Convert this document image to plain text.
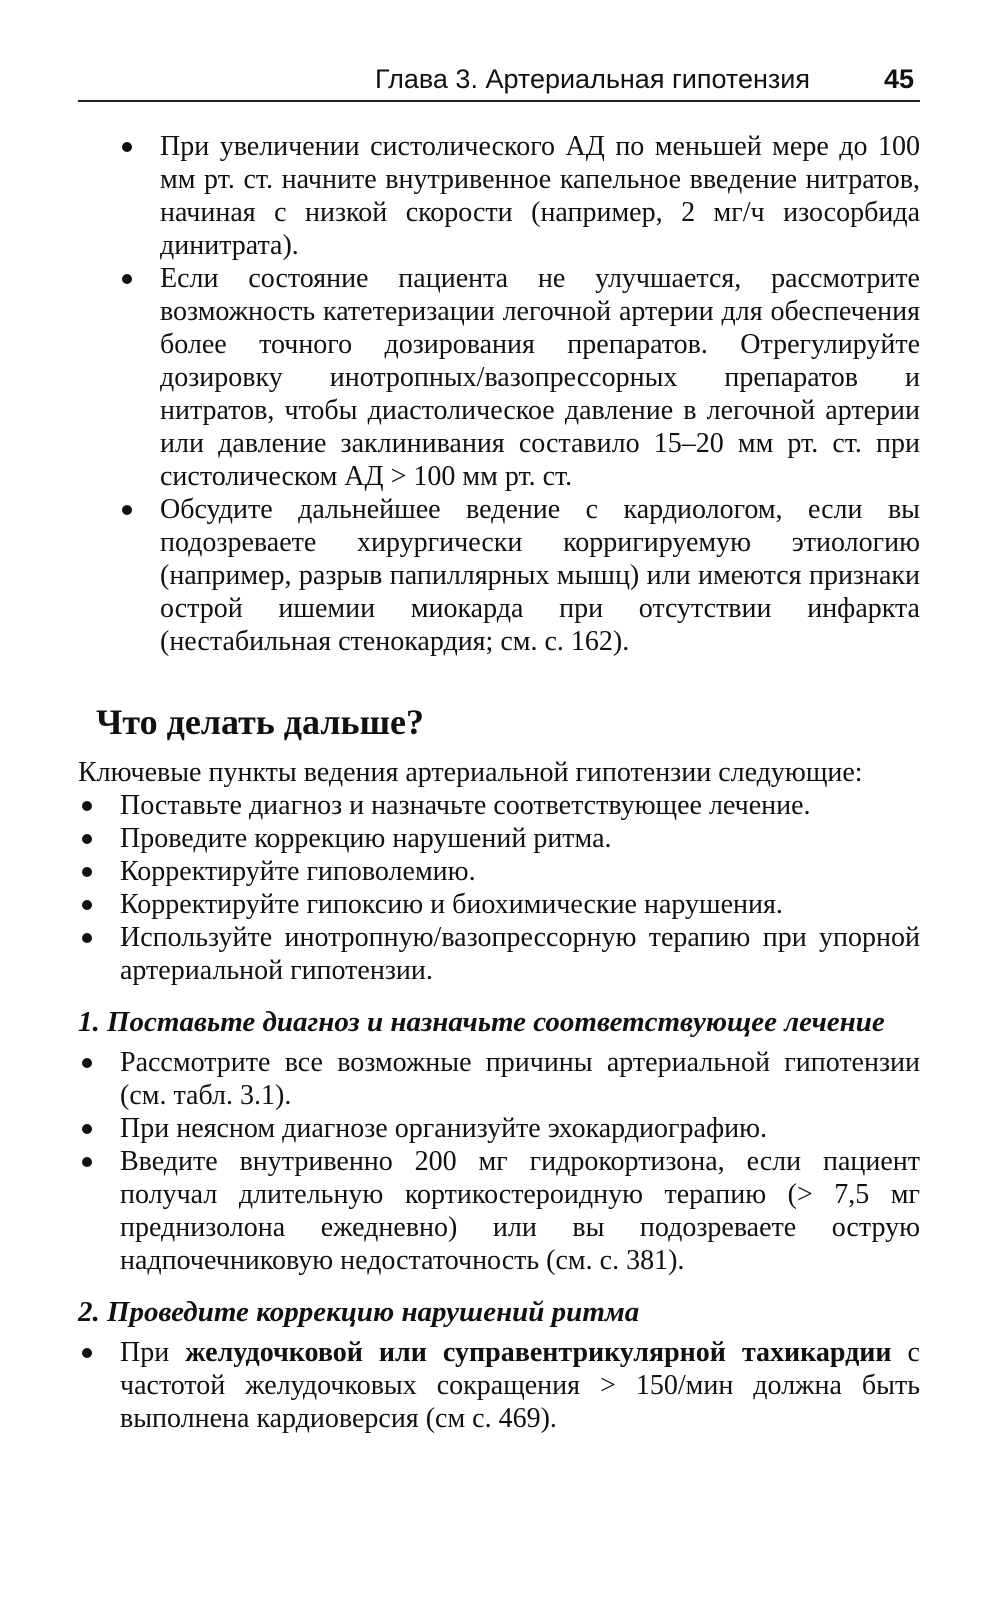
Глава 3. Артериальная гипотензия	45
При увеличении систолического АД по меньшей мере до 100 мм рт. ст. начните внутривенное капельное введение нитратов, начиная с низкой скорости (например, 2 мг/ч изосорбида динитрата).
Если состояние пациента не улучшается, рассмотрите возможность катетеризации легочной артерии для обеспечения более точного дозирования препаратов. Отрегулируйте дозировку инотропных/вазопрессорных препаратов и нитратов, чтобы диастолическое давление в легочной артерии или давление заклинивания составило 15–20 мм рт. ст. при систолическом АД > 100 мм рт. ст.
Обсудите дальнейшее ведение с кардиологом, если вы подозреваете хирургически корригируемую этиологию (например, разрыв папиллярных мышц) или имеются признаки острой ишемии миокарда при отсутствии инфаркта (нестабильная стенокардия; см. с. 162).
Что делать дальше?

Ключевые пункты ведения артериальной гипотензии следующие:

Поставьте диагноз и назначьте соответствующее лечение.
Проведите коррекцию нарушений ритма.
Корректируйте гиповолемию.
Корректируйте гипоксию и биохимические нарушения.
Используйте инотропную/вазопрессорную терапию при упорной артериальной гипотензии.
1. Поставьте диагноз и назначьте соответствующее лечение
Рассмотрите все возможные причины артериальной гипотензии (см. табл. 3.1).
При неясном диагнозе организуйте эхокардиографию.
Введите внутривенно 200 мг гидрокортизона, если пациент получал длительную кортикостероидную терапию (> 7,5 мг преднизолона ежедневно) или вы подозреваете острую надпочечниковую недостаточность (см. с. 381).
2. Проведите коррекцию нарушений ритма
При желудочковой или суправентрикулярной тахикардии с частотой желудочковых сокращения > 150/мин должна быть выполнена кардиоверсия (см с. 469).
